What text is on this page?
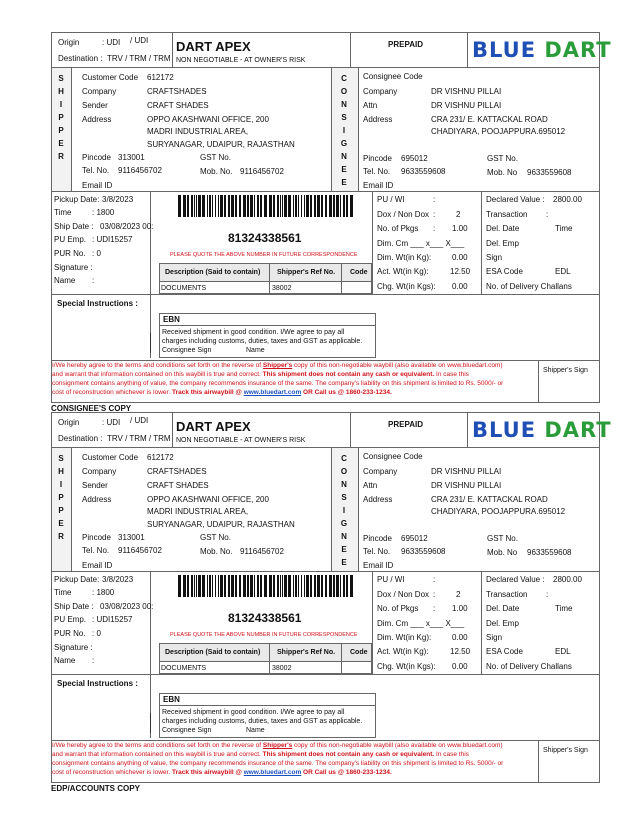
Origin	: UDI / UDI
Destination : TRV / TRM / TRM
DART APEX
NON NEGOTIABLE - AT OWNER'S RISK
PREPAID BLUE DART
S
H
I
P
P
E
R
C
O
N
S
I
G
N
E
E
Customer Code 612172
Company	CRAFTSHADES
Sender	CRAFT SHADES
Address	OPPO AKASHWANI OFFICE, 200
MADRI INDUSTRIAL AREA,
SURYANAGAR, UDAIPUR, RAJASTHAN
Pincode 313001	GST No.
Tel. No. 9116456702	Mob. No. 9116456702
Email ID
Consignee Code
Company	DR VISHNU PILLAI
Attn	DR VISHNU PILLAI
Address	CRA 231/ E. KATTACKAL ROAD
CHADIYARA, POOJAPPURA.695012
Pincode 695012	GST No.
Tel. No. 9633559608	Mob. No 9633559608
Email ID
Pickup Date: 3/8/2023
Time	: 1800
Ship Date : 03/08/2023 00:
PU Emp. : UDI15257
PUR No. : 0
Signature :
Name :
81324338561
PLEASE QUOTE THE ABOVE NUMBER IN FUTURE CORRESPONDENCE
Description (Said to contain) Shipper's Ref No. Code
DOCUMENTS	38002
PU / WI	:
Dox / Non Dox :	2
No. of Pkgs : 1.00
Dim. Cm ___ x___ X___
Dim. Wt(in Kg):	0.00
Act. Wt(in Kg):	12.50
Chg. Wt(in Kgs): 0.00
Declared Value : 2800.00
Transaction :
Del. Date	Time
Del. Emp
Sign
ESA Code	EDL
No. of Delivery Challans
Special Instructions :
EBN
Received shipment in good condition. I/We agree to pay all
charges including customs, duties, taxes and GST as applicable.
Consignee Sign	Name
I/We hereby agree to the terms and conditions set forth on the reverse of Shipper's copy of this non-negotiable waybill (also available on www.bluedart.com)
and warrant that information contained on this waybill is true and correct. This shipment does not contain any cash or equivalent. In case this
consignment contains anything of value, the company recommends insurance of the same. The company's liability on this shipment is limited to Rs. 5000/- or
cost of reconstruction whichever is lower. Track this airwaybill @ www.bluedart.com OR Call us @ 1860-233-1234.
Shipper's Sign
CONSIGNEE'S COPY
Origin	: UDI / UDI
Destination : TRV / TRM / TRM
DART APEX
NON NEGOTIABLE - AT OWNER'S RISK
PREPAID BLUE DART
S
H
I
P
P
E
R
C
O
N
S
I
G
N
E
E
Customer Code 612172
Company	CRAFTSHADES
Sender	CRAFT SHADES
Address	OPPO AKASHWANI OFFICE, 200
MADRI INDUSTRIAL AREA,
SURYANAGAR, UDAIPUR, RAJASTHAN
Pincode 313001	GST No.
Tel. No. 9116456702	Mob. No. 9116456702
Email ID
Consignee Code
Company	DR VISHNU PILLAI
Attn	DR VISHNU PILLAI
Address	CRA 231/ E. KATTACKAL ROAD
CHADIYARA, POOJAPPURA.695012
Pincode 695012	GST No.
Tel. No. 9633559608	Mob. No 9633559608
Email ID
Pickup Date: 3/8/2023
Time	: 1800
Ship Date : 03/08/2023 00:
PU Emp. : UDI15257
PUR No. : 0
Signature :
Name :
81324338561
PLEASE QUOTE THE ABOVE NUMBER IN FUTURE CORRESPONDENCE
Description (Said to contain) Shipper's Ref No. Code
DOCUMENTS	38002
PU / WI	:
Dox / Non Dox :	2
No. of Pkgs : 1.00
Dim. Cm ___ x___ X___
Dim. Wt(in Kg):	0.00
Act. Wt(in Kg):	12.50
Chg. Wt(in Kgs): 0.00
Declared Value : 2800.00
Transaction :
Del. Date	Time
Del. Emp
Sign
ESA Code	EDL
No. of Delivery Challans
Special Instructions :
EBN
Received shipment in good condition. I/We agree to pay all
charges including customs, duties, taxes and GST as applicable.
Consignee Sign	Name
I/We hereby agree to the terms and conditions set forth on the reverse of Shipper's copy of this non-negotiable waybill (also available on www.bluedart.com)
and warrant that information contained on this waybill is true and correct. This shipment does not contain any cash or equivalent. In case this
consignment contains anything of value, the company recommends insurance of the same. The company's liability on this shipment is limited to Rs. 5000/- or
cost of reconstruction whichever is lower. Track this airwaybill @ www.bluedart.com OR Call us @ 1860-233-1234.
Shipper's Sign
EDP/ACCOUNTS COPY
